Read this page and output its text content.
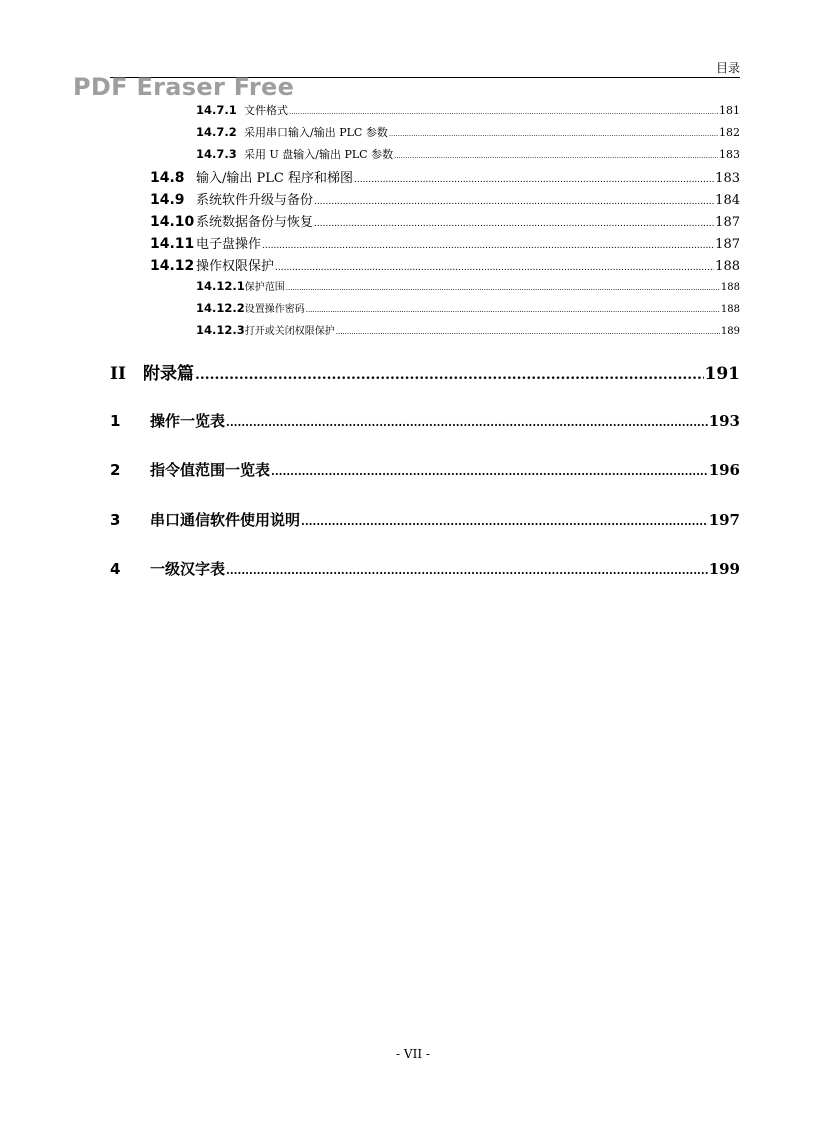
目录
PDF Eraser Free
14.7.1 文件格式 .....	181
14.7.2 采用串口输入/输出 PLC 参数 .....	182
14.7.3 采用 U 盘输入/输出 PLC 参数 .....	183
14.8 输入/输出 PLC 程序和梯图 .....	183
14.9 系统软件升级与备份 .....	184
14.10 系统数据备份与恢复 .....	187
14.11 电子盘操作 .....	187
14.12 操作权限保护 .....	188
14.12.1 保护范围 .....	188
14.12.2 设置操作密码 .....	188
14.12.3 打开或关闭权限保护 .....	189
II	附录篇 .....	191
1	操作一览表 .....	193
2	指令值范围一览表 .....	196
3	串口通信软件使用说明 .....	197
4	一级汉字表 .....	199
- VII -
